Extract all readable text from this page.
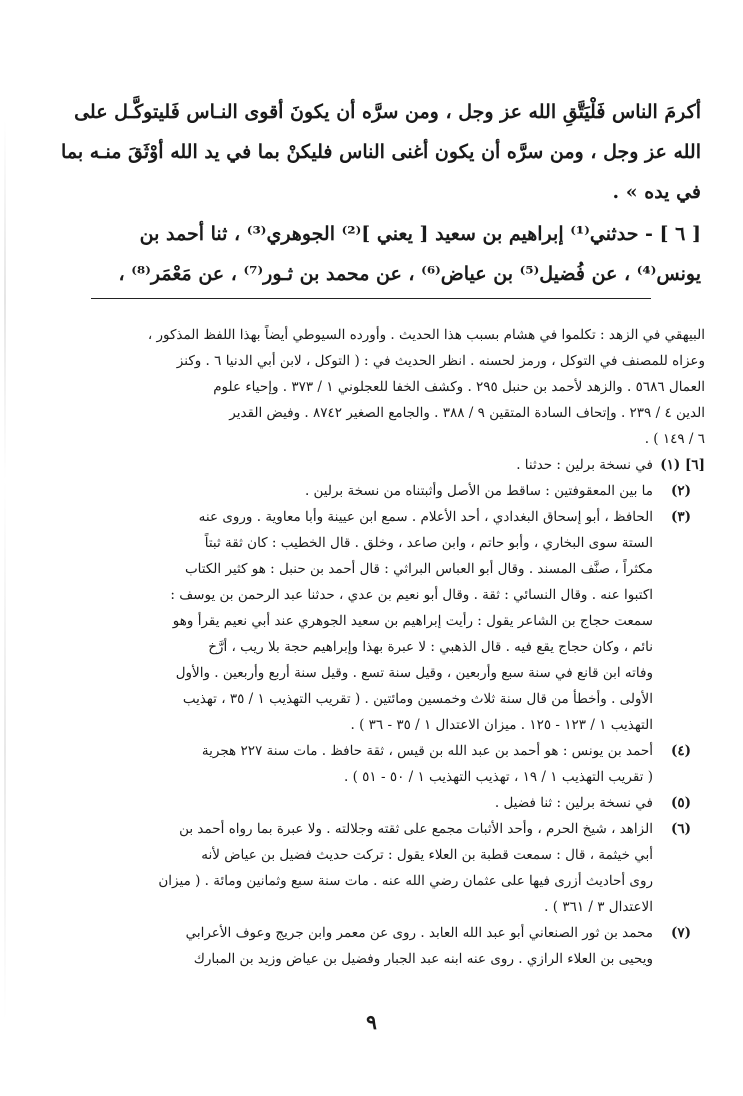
أكرمَ الناس فَلْيَتَّقِ الله عز وجل ، ومن سرَّه أن يكونَ أقوى النـاس فَليتوكَّـل على
الله عز وجل ، ومن سرَّه أن يكون أغنى الناس فليكنْ بما في يد الله أوْثَقَ منـه بما
في يده » .
[ ٦ ] - حدثني⁽¹⁾ إبراهيم بن سعيد [ يعني ]⁽²⁾ الجوهري⁽³⁾ ، ثنا أحمد بن
يونس⁽⁴⁾ ، عن فُضيل⁽⁵⁾ بن عياض⁽⁶⁾ ، عن محمد بن ثـور⁽⁷⁾ ، عن مَعْمَر⁽⁸⁾ ،
البيهقي في الزهد : تكلموا في هشام بسبب هذا الحديث . وأورده السيوطي أيضاً بهذا اللفظ المذكور ،
وعزاه للمصنف في التوكل ، ورمز لحسنه . انظر الحديث في : ( التوكل ، لابن أبي الدنيا ٦ . وكنز
العمال ٥٦٨٦ . والزهد لأحمد بن حنبل ٢٩٥ . وكشف الخفا للعجلوني ١ / ٣٧٣ . وإحياء علوم
الدين ٤ / ٢٣٩ . وإتحاف السادة المتقين ٩ / ٣٨٨ . والجامع الصغير ٨٧٤٢ . وفيض القدير
٦ / ١٤٩ ) .
[٦] (١)
في نسخة برلين : حدثنا .
(٢)
ما بين المعقوفتين : ساقط من الأصل وأثبتناه من نسخة برلين .
(٣)
الحافظ ، أبو إسحاق البغدادي ، أحد الأعلام . سمع ابن عيينة وأبا معاوية . وروى عنه
الستة سوى البخاري ، وأبو حاتم ، وابن صاعد ، وخلق . قال الخطيب : كان ثقة ثبتاً
مكثراً ، صنَّف المسند . وقال أبو العباس البراثي : قال أحمد بن حنبل : هو كثير الكتاب
اكتبوا عنه . وقال النسائي : ثقة . وقال أبو نعيم بن عدي ، حدثنا عبد الرحمن بن يوسف :
سمعت حجاج بن الشاعر يقول : رأيت إبراهيم بن سعيد الجوهري عند أبي نعيم يقرأ وهو
نائم ، وكان حجاج يقع فيه . قال الذهبي : لا عبرة بهذا وإبراهيم حجة بلا ريب ، أرَّخ
وفاته ابن قانع في سنة سبع وأربعين ، وقيل سنة تسع . وقيل سنة أربع وأربعين . والأول
الأولى . وأخطأ من قال سنة ثلاث وخمسين ومائتين . ( تقريب التهذيب ١ / ٣٥ ، تهذيب
التهذيب ١ / ١٢٣ - ١٢٥ . ميزان الاعتدال ١ / ٣٥ - ٣٦ ) .
(٤)
أحمد بن يونس : هو أحمد بن عبد الله بن قيس ، ثقة حافظ . مات سنة ٢٢٧ هجرية
( تقريب التهذيب ١ / ١٩ ، تهذيب التهذيب ١ / ٥٠ - ٥١ ) .
(٥)
في نسخة برلين : ثنا فضيل .
(٦)
الزاهد ، شيخ الحرم ، وأحد الأثبات مجمع على ثقته وجلالته . ولا عبرة بما رواه أحمد بن
أبي خيثمة ، قال : سمعت قطبة بن العلاء يقول : تركت حديث فضيل بن عياض لأنه
روى أحاديث أزرى فيها على عثمان رضي الله عنه . مات سنة سبع وثمانين ومائة . ( ميزان
الاعتدال ٣ / ٣٦١ ) .
(٧)
محمد بن ثور الصنعاني أبو عبد الله العابد . روى عن معمر وابن جريج وعوف الأعرابي
ويحيى بن العلاء الرازي . روى عنه ابنه عبد الجبار وفضيل بن عياض وزيد بن المبارك
٩
